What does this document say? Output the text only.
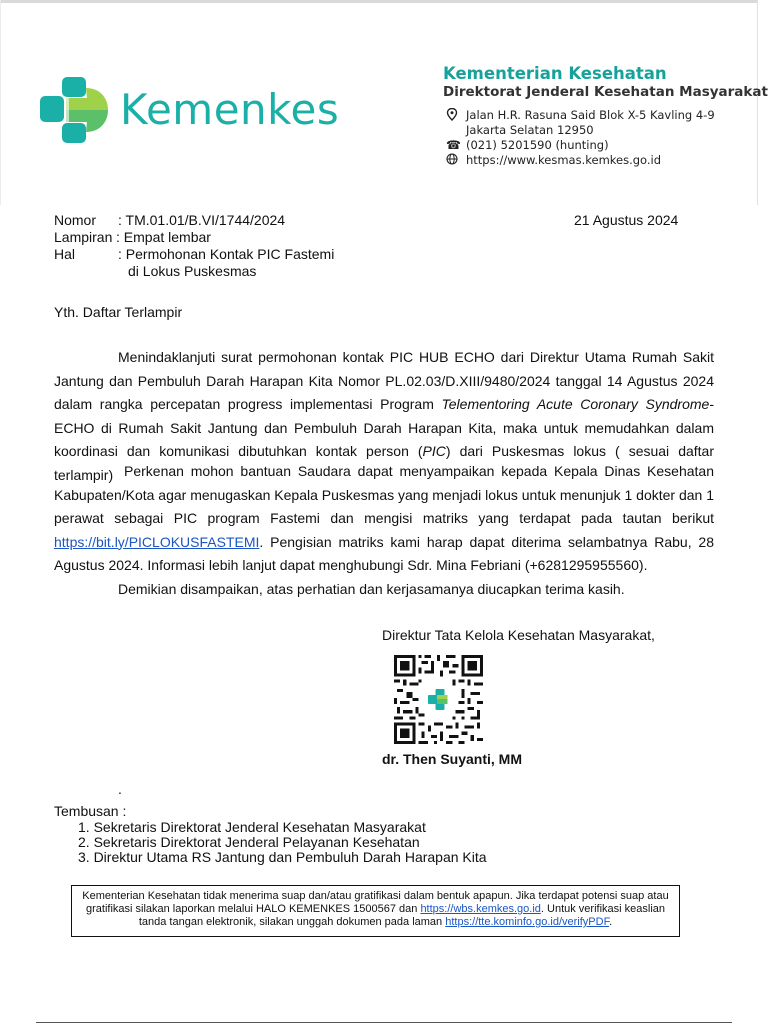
Kemenkes
Kementerian Kesehatan
Direktorat Jenderal Kesehatan Masyarakat
Jalan H.R. Rasuna Said Blok X-5 Kavling 4-9
Jakarta Selatan 12950
☎ (021) 5201590 (hunting)
https://www.kesmas.kemkes.go.id
Nomor : TM.01.01/B.VI/1744/2024	21 Agustus 2024
Lampiran : Empat lembar
Hal	: Permohonan Kontak PIC Fastemi
di Lokus Puskesmas
Yth. Daftar Terlampir
Menindaklanjuti surat permohonan kontak PIC HUB ECHO dari Direktur Utama Rumah Sakit Jantung dan Pembuluh Darah Harapan Kita Nomor PL.02.03/D.XIII/9480/2024 tanggal 14 Agustus 2024 dalam rangka percepatan progress implementasi Program Telementoring Acute Coronary Syndrome-ECHO di Rumah Sakit Jantung dan Pembuluh Darah Harapan Kita, maka untuk memudahkan dalam koordinasi dan komunikasi dibutuhkan kontak person (PIC) dari Puskesmas lokus ( sesuai daftar terlampir) Perkenan mohon bantuan Saudara dapat menyampaikan kepada Kepala Dinas Kesehatan Kabupaten/Kota agar menugaskan Kepala Puskesmas yang menjadi lokus untuk menunjuk 1 dokter dan 1 perawat sebagai PIC program Fastemi dan mengisi matriks yang terdapat pada tautan berikut https://bit.ly/PICLOKUSFASTEMI. Pengisian matriks kami harap dapat diterima selambatnya Rabu, 28 Agustus 2024. Informasi lebih lanjut dapat menghubungi Sdr. Mina Febriani (+6281295955560).
Demikian disampaikan, atas perhatian dan kerjasamanya diucapkan terima kasih.
Direktur Tata Kelola Kesehatan Masyarakat,
dr. Then Suyanti, MM
.
Tembusan :
1. Sekretaris Direktorat Jenderal Kesehatan Masyarakat
2. Sekretaris Direktorat Jenderal Pelayanan Kesehatan
3. Direktur Utama RS Jantung dan Pembuluh Darah Harapan Kita
Kementerian Kesehatan tidak menerima suap dan/atau gratifikasi dalam bentuk apapun. Jika terdapat potensi suap atau gratifikasi silakan laporkan melalui HALO KEMENKES 1500567 dan https://wbs.kemkes.go.id. Untuk verifikasi keaslian tanda tangan elektronik, silakan unggah dokumen pada laman https://tte.kominfo.go.id/verifyPDF.
